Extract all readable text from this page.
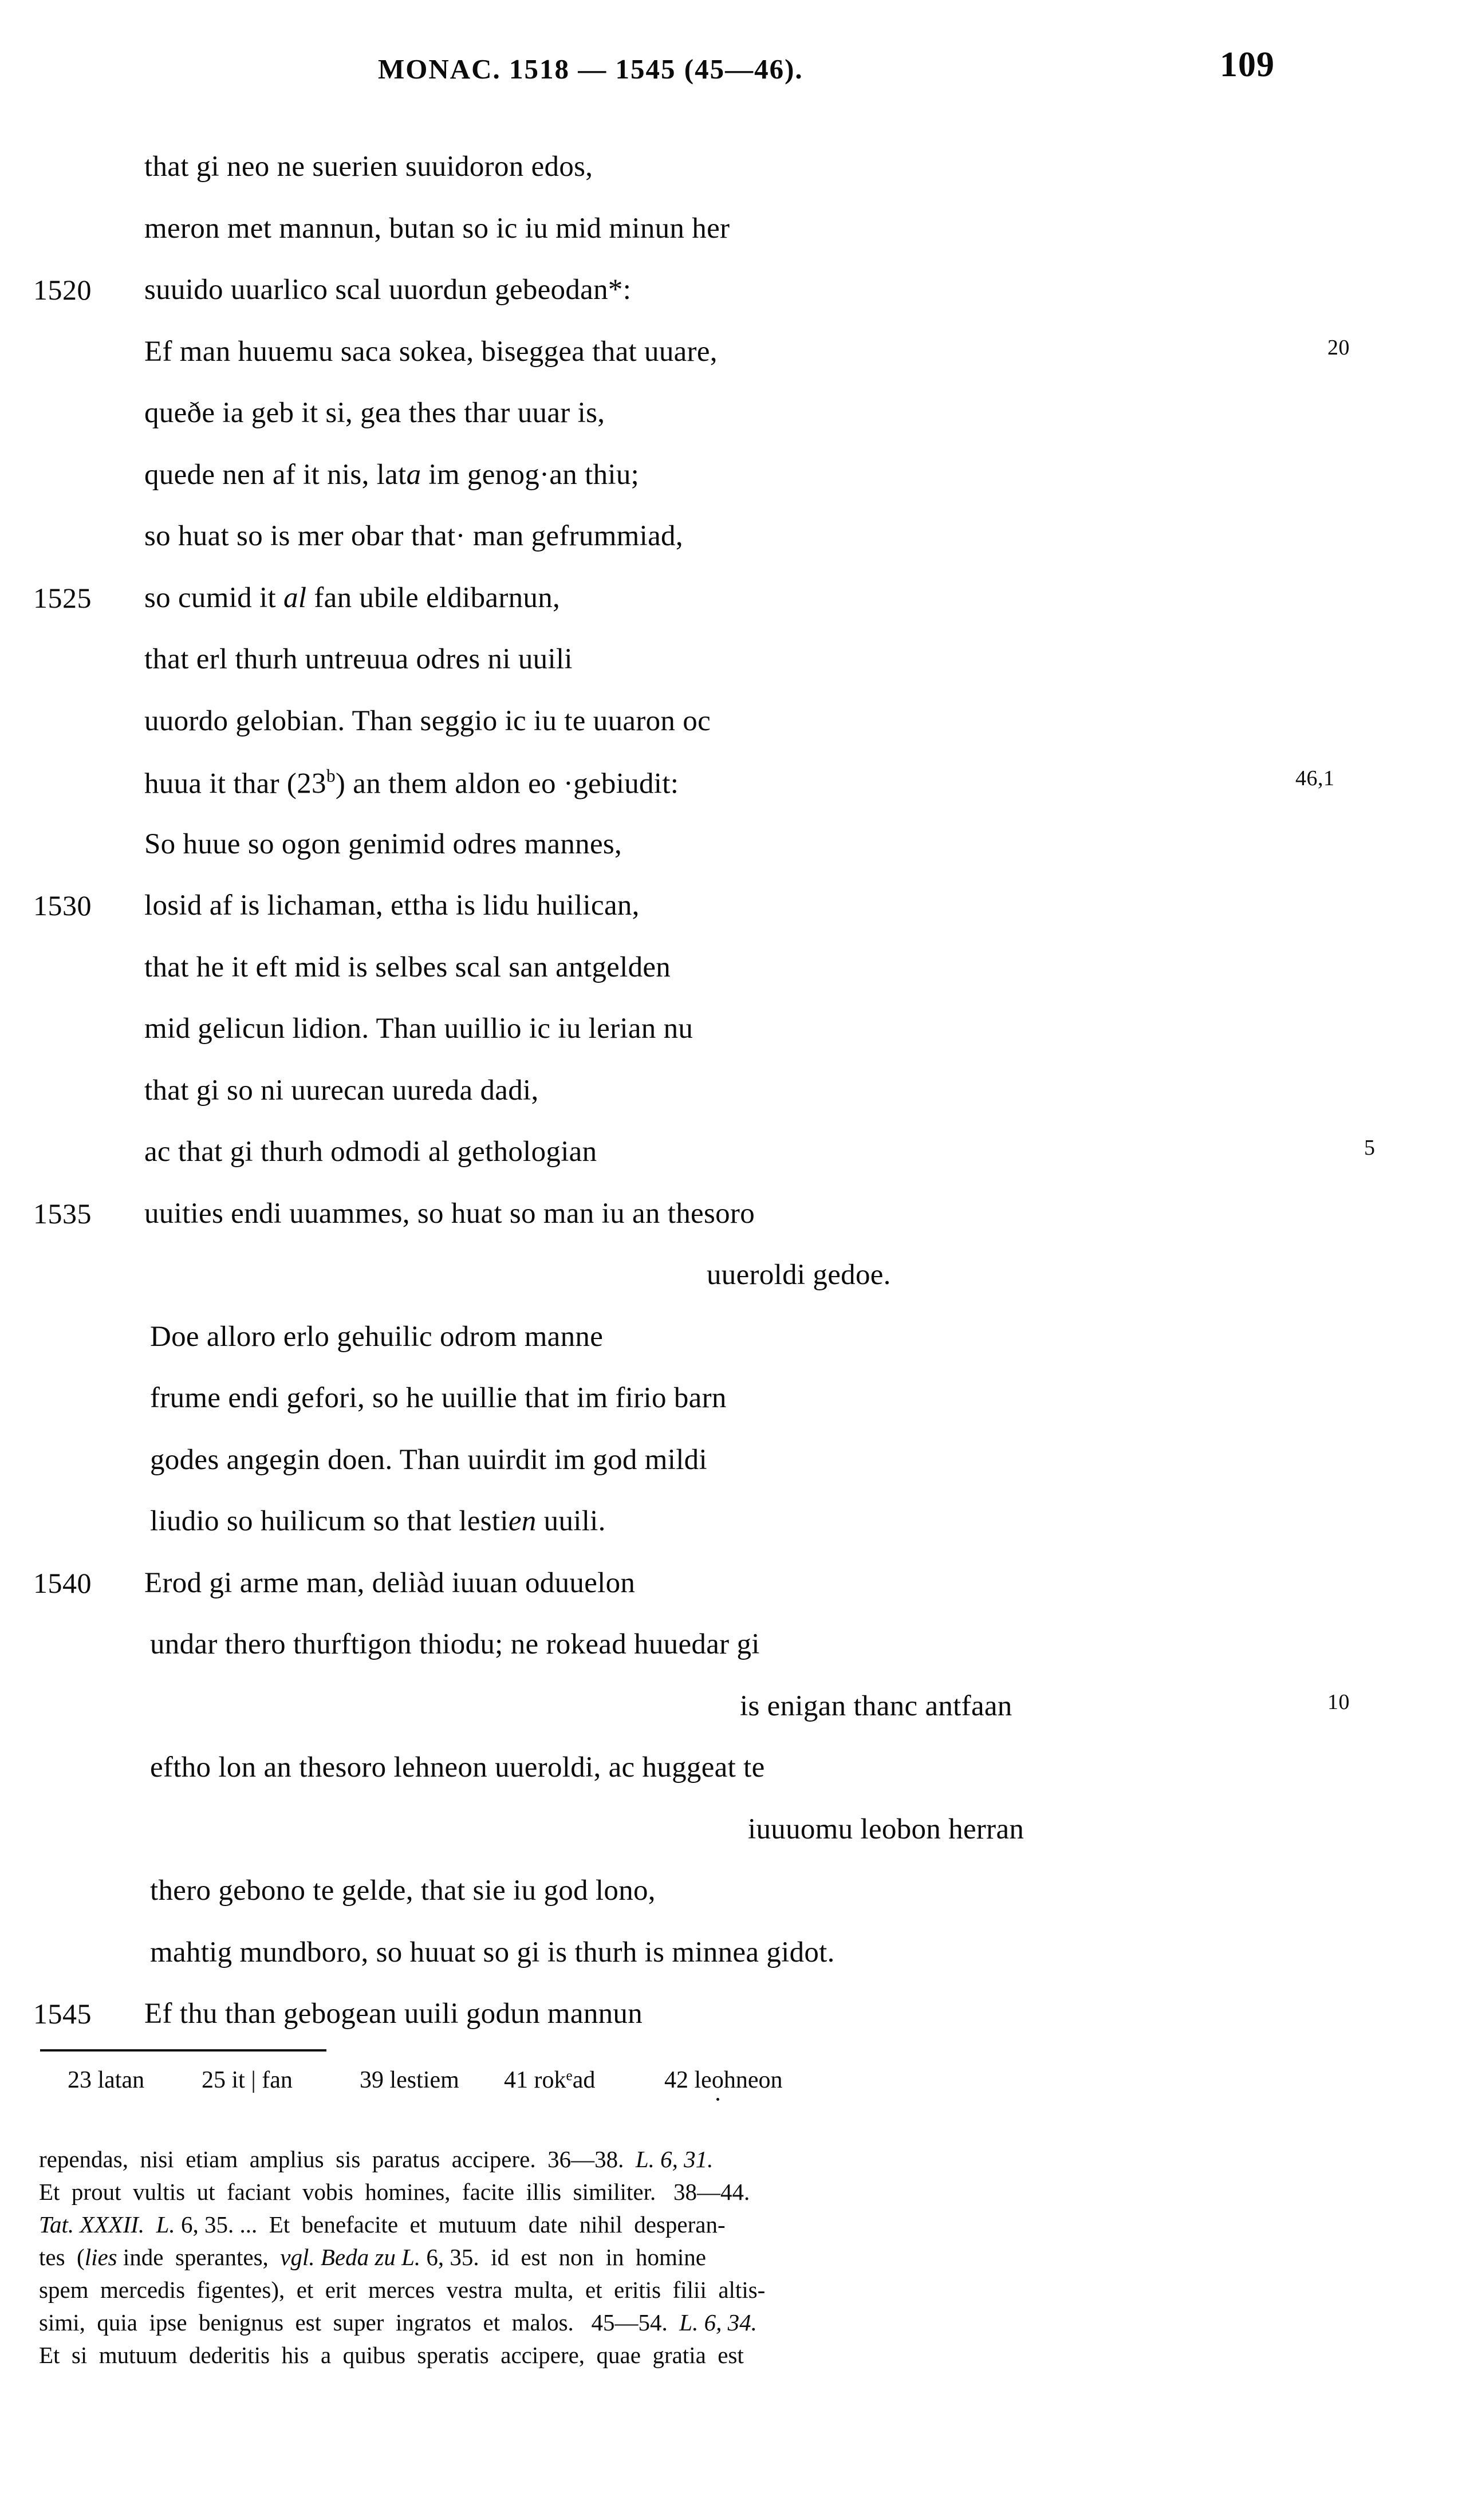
MONAC. 1518 — 1545 (45—46).	109
that gi neo ne suerien suuidoron edos,
meron met mannun, butan so ic iu mid minun her
1520 suuido uuarlico scal uuordun gebeodan*:
Ef man huuemu saca sokea, biseggea that uuare,	20
queðe ia geb it si, gea thes thar uuar is,
quede nen af it nis, lata im genog·an thiu;
so huat so is mer obar that· man gefrummiad,
1525 so cumid it al fan ubile eldibarnun,
that erl thurh untreuua odres ni uuili
uuordo gelobian. Than seggio ic iu te uuaron oc
huua it thar (23$^b$) an them aldon eo ·gebiudit:	46,1
So huue so ogon genimid odres mannes,
1530 losid af is lichaman, ettha is lidu huilican,
that he it eft mid is selbes scal san antgelden
mid gelicun lidion. Than uuillio ic iu lerian nu
that gi so ni uurecan uureda dadi,
ac that gi thurh odmodi al gethologian	5
1535 uuities endi uuammes, so huat so man iu an thesoro
uueroldi gedoe.
Doe alloro erlo gehuilic odrom manne
frume endi gefori, so he uuillie that im firio barn
godes angegin doen. Than uuirdit im god mildi
liudio so huilicum so that lestien uuili.
1540 Erod gi arme man, deliàd iuuan oduuelon
undar thero thurftigon thiodu; ne rokead huuedar gi
is enigan thanc antfaan	10
eftho lon an thesoro lehneon uueroldi, ac huggeat te
iuuuomu leobon herran
thero gebono te gelde, that sie iu god lono,
mahtig mundboro, so huuat so gi is thurh is minnea gidot.
1545 Ef thu than gebogean uuili godun mannun
23 latan 25 it | fan	39 lestiem 41 rok$^e$ad	42 leohneon
rependas,  nisi  etiam  amplius  sis  paratus  accipere.  36—38.  L. 6, 31.
Et  prout  vultis  ut  faciant  vobis  homines,  facite  illis  similiter.   38—44.
Tat. XXXII. L. 6, 35. ...  Et  benefacite  et  mutuum  date  nihil  desperan-
tes  (lies inde  sperantes,  vgl. Beda zu L. 6, 35.  id  est  non  in  homine
spem  mercedis  figentes),  et  erit  merces  vestra  multa,  et  eritis  filii  altis-
simi,  quia  ipse  benignus  est  super  ingratos  et  malos.   45—54.  L. 6, 34.
Et  si  mutuum  dederitis  his  a  quibus  speratis  accipere,  quae  gratia  est
